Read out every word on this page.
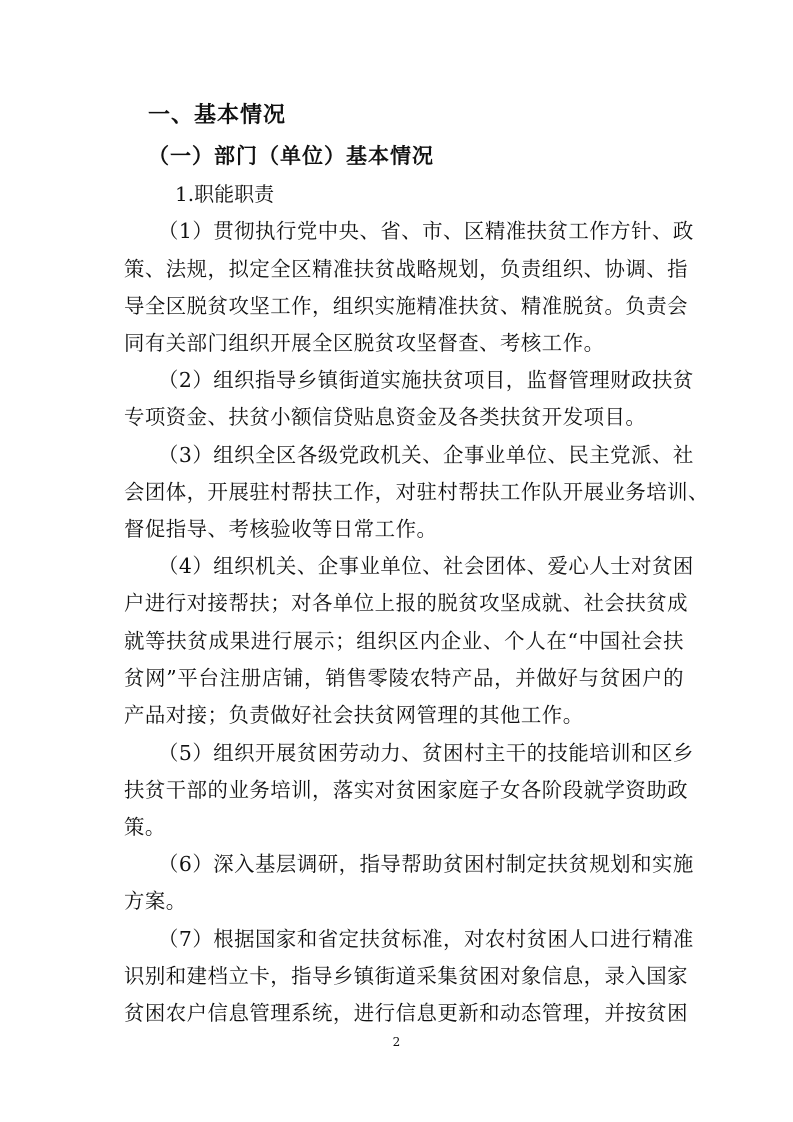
一、基本情况
（一）部门（单位）基本情况
1.职能职责
（1）贯彻执行党中央、省、市、区精准扶贫工作方针、政
策、法规，拟定全区精准扶贫战略规划，负责组织、协调、指
导全区脱贫攻坚工作，组织实施精准扶贫、精准脱贫。负责会
同有关部门组织开展全区脱贫攻坚督查、考核工作。
（2）组织指导乡镇街道实施扶贫项目，监督管理财政扶贫
专项资金、扶贫小额信贷贴息资金及各类扶贫开发项目。
（3）组织全区各级党政机关、企事业单位、民主党派、社
会团体，开展驻村帮扶工作，对驻村帮扶工作队开展业务培训、
督促指导、考核验收等日常工作。
（4）组织机关、企事业单位、社会团体、爱心人士对贫困
户进行对接帮扶；对各单位上报的脱贫攻坚成就、社会扶贫成
就等扶贫成果进行展示；组织区内企业、个人在“中国社会扶
贫网”平台注册店铺，销售零陵农特产品，并做好与贫困户的
产品对接；负责做好社会扶贫网管理的其他工作。
（5）组织开展贫困劳动力、贫困村主干的技能培训和区乡
扶贫干部的业务培训，落实对贫困家庭子女各阶段就学资助政
策。
（6）深入基层调研，指导帮助贫困村制定扶贫规划和实施
方案。
（7）根据国家和省定扶贫标准，对农村贫困人口进行精准
识别和建档立卡，指导乡镇街道采集贫困对象信息，录入国家
贫困农户信息管理系统，进行信息更新和动态管理，并按贫困
2
